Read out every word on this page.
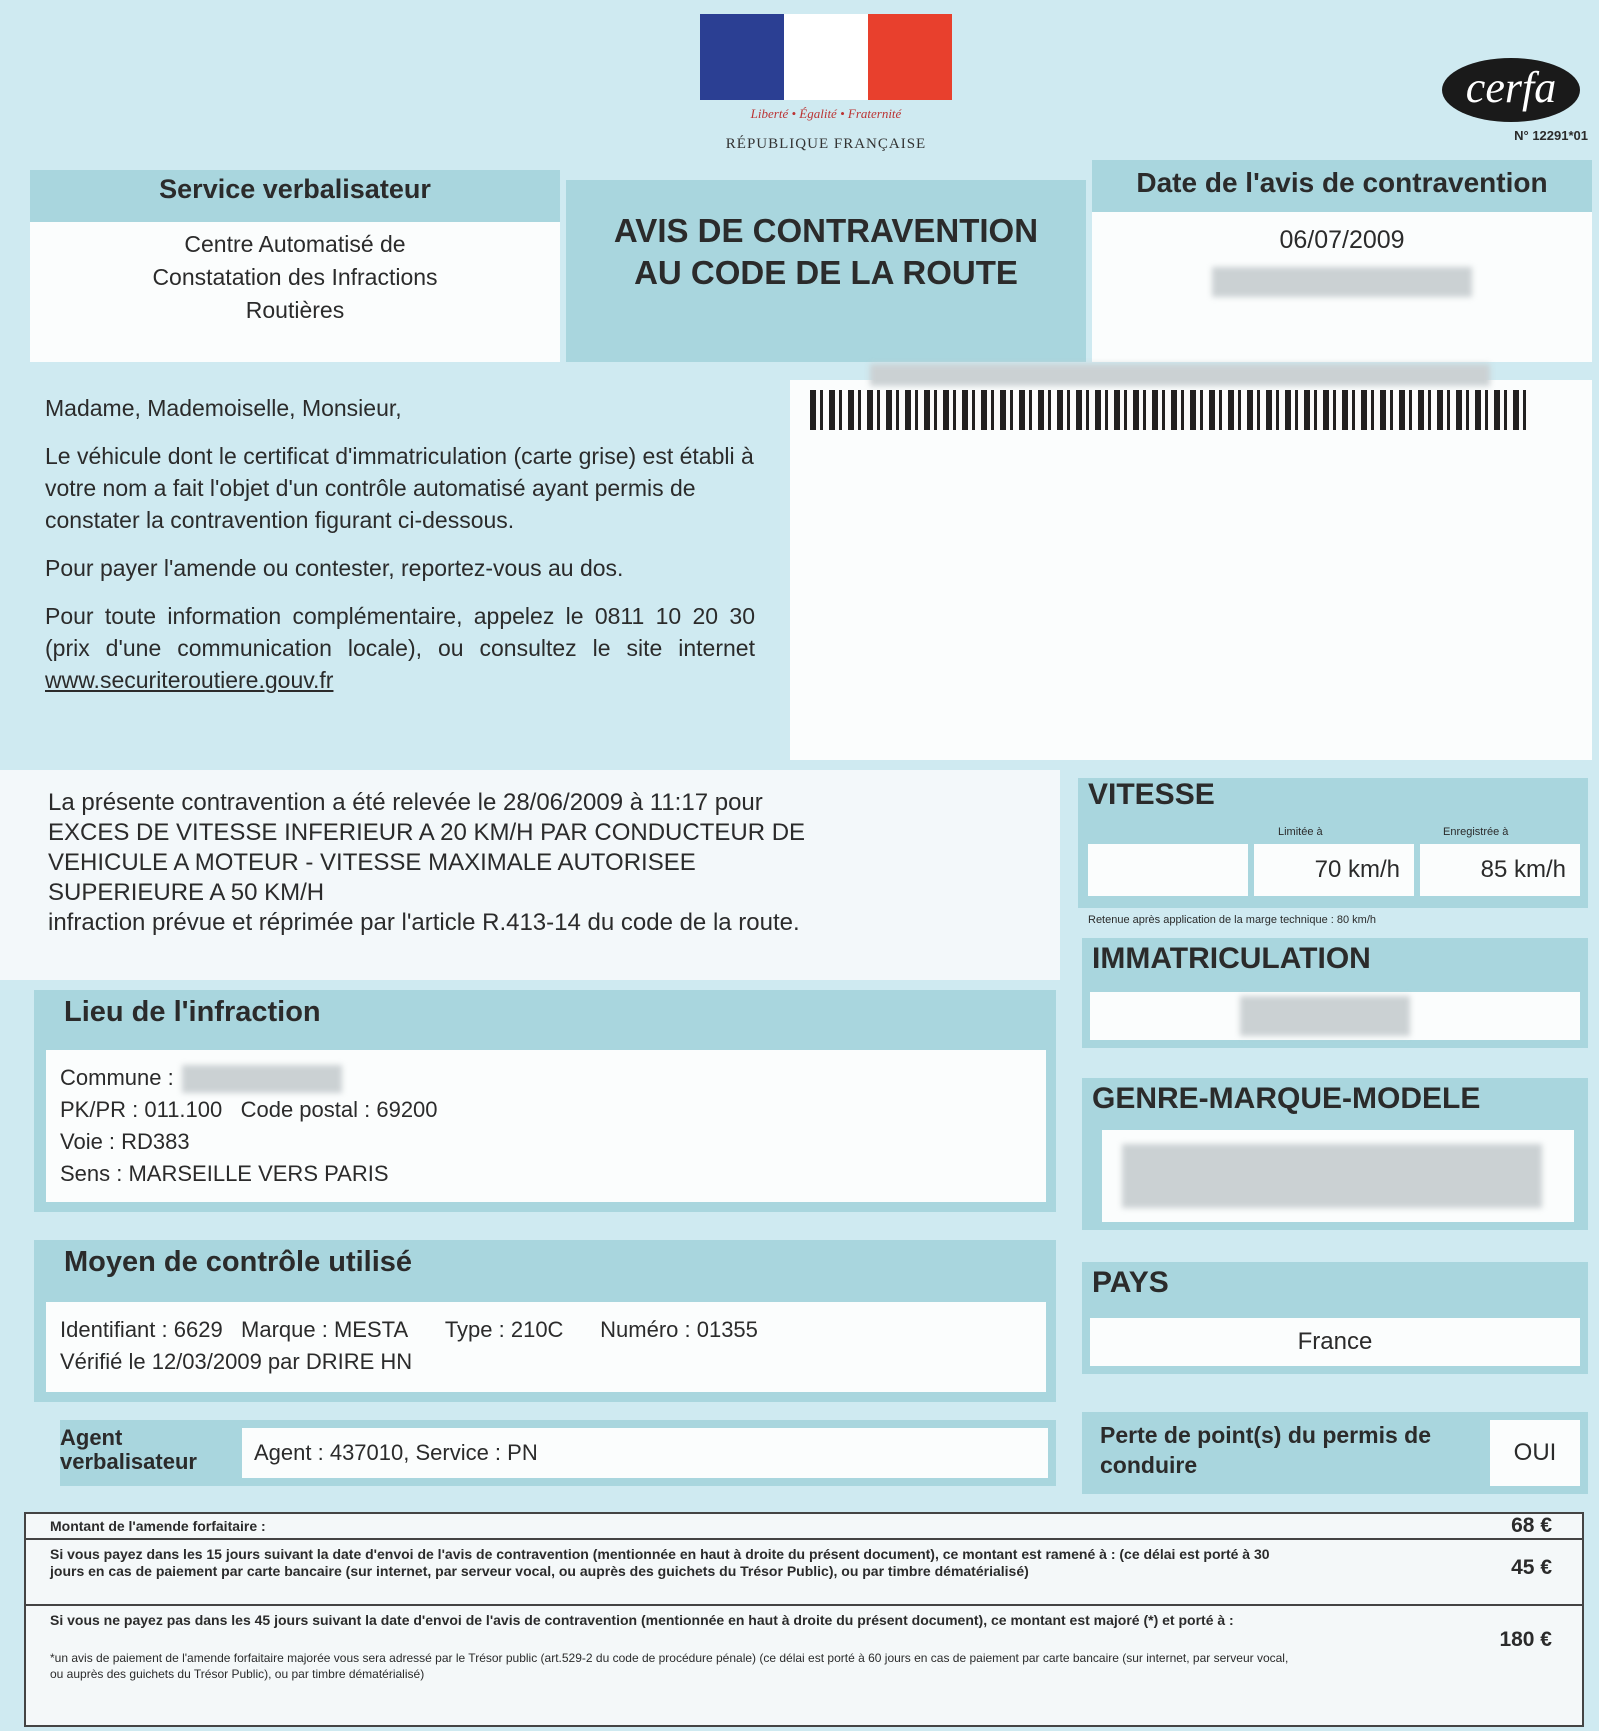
Liberté • Égalité • Fraternité
RÉPUBLIQUE FRANÇAISE
cerfa
N° 12291*01
Service verbalisateur
Centre Automatisé de
Constatation des Infractions
Routières
AVIS DE CONTRAVENTION
AU CODE DE LA ROUTE
Date de l'avis de contravention
06/07/2009

Madame, Mademoiselle, Monsieur,

Le véhicule dont le certificat d'immatriculation (carte grise) est établi à votre nom a fait l'objet d'un contrôle automatisé ayant permis de constater la contravention figurant ci-dessous.

Pour payer l'amende ou contester, reportez-vous au dos.

Pour toute information complémentaire, appelez le 0811 10 20 30 (prix d'une communication locale), ou consultez le site internet www.securiteroutiere.gouv.fr

La présente contravention a été relevée le 28/06/2009 à 11:17 pour
EXCES DE VITESSE INFERIEUR A 20 KM/H PAR CONDUCTEUR DE
VEHICULE A MOTEUR - VITESSE MAXIMALE AUTORISEE
SUPERIEURE A 50 KM/H
infraction prévue et réprimée par l'article R.413-14 du code de la route.
VITESSE
Limitée à	Enregistrée à
70 km/h	85 km/h
Retenue après application de la marge technique : 80 km/h
IMMATRICULATION
GENRE-MARQUE-MODELE
PAYS
France
Perte de point(s) du permis de conduire	OUI
Lieu de l'infraction
Commune :
PK/PR : 011.100 Code postal : 69200
Voie : RD383
Sens : MARSEILLE VERS PARIS
Moyen de contrôle utilisé
Identifiant : 6629 Marque : MESTA Type : 210C Numéro : 01355
Vérifié le 12/03/2009 par DRIRE HN
Agent verbalisateur	Agent : 437010, Service : PN
Montant de l'amende forfaitaire :	68 €
Si vous payez dans les 15 jours suivant la date d'envoi de l'avis de contravention (mentionnée en haut à droite du présent document), ce montant est ramené à : (ce délai est porté à 30 jours en cas de paiement par carte bancaire (sur internet, par serveur vocal, ou auprès des guichets du Trésor Public), ou par timbre dématérialisé)	45 €
Si vous ne payez pas dans les 45 jours suivant la date d'envoi de l'avis de contravention (mentionnée en haut à droite du présent document), ce montant est majoré (*) et porté à :
*un avis de paiement de l'amende forfaitaire majorée vous sera adressé par le Trésor public (art.529-2 du code de procédure pénale) (ce délai est porté à 60 jours en cas de paiement par carte bancaire (sur internet, par serveur vocal, ou auprès des guichets du Trésor Public), ou par timbre dématérialisé)
180 €
